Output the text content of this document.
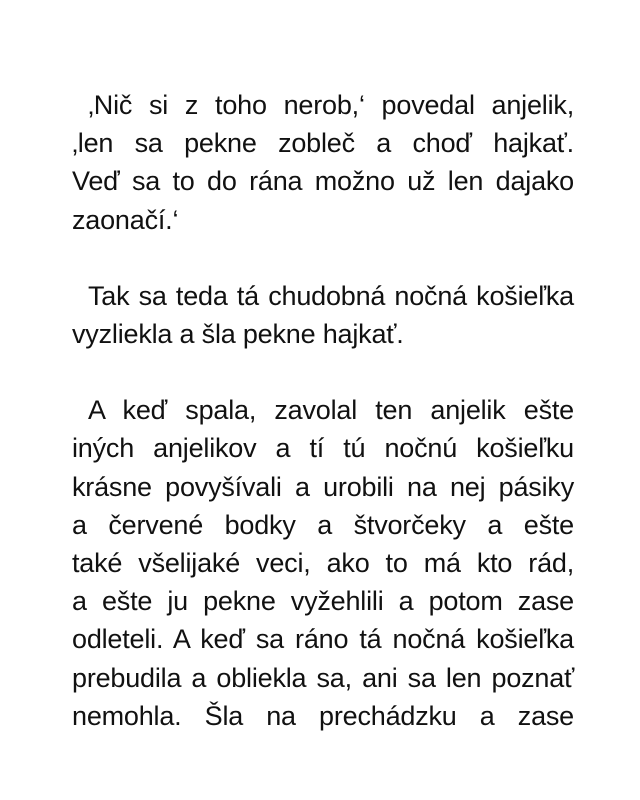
‚Nič si z toho nerob,‘ povedal anjelik,
‚len sa pekne zobleč a choď hajkať.
Veď sa to do rána možno už len dajako
zaonačí.‘
Tak sa teda tá chudobná nočná košieľka
vyzliekla a šla pekne hajkať.
A keď spala, zavolal ten anjelik ešte
iných anjelikov a tí tú nočnú košieľku
krásne povyšívali a urobili na nej pásiky
a červené bodky a štvorčeky a ešte
také všelijaké veci, ako to má kto rád,
a ešte ju pekne vyžehlili a potom zase
odleteli. A keď sa ráno tá nočná košieľka
prebudila a obliekla sa, ani sa len poznať
nemohla. Šla na prechádzku a zase
